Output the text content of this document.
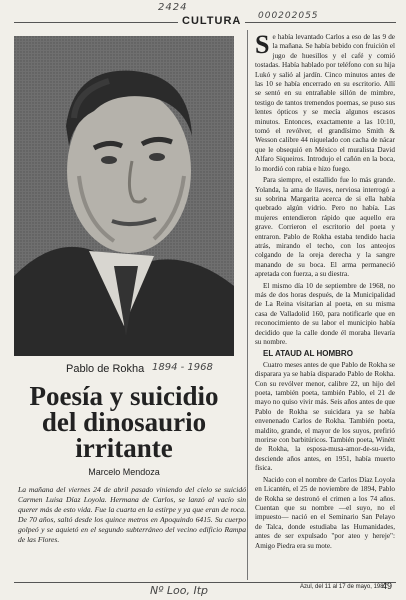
2424
000202055
CULTURA
Pablo de Rokha 1894 - 1968
Poesía y suicidio
del dinosaurio
irritante
Marcelo Mendoza
La mañana del viernes 24 de abril pasado viniendo del cielo se suicidó Carmen Luisa Díaz Loyola. Hermana de Carlos, se lanzó al vacío sin querer más de esto vida. Fue la cuarta en la estirpe y ya que eran de roca. De 70 años, saltó desde los quince metros en Apoquindo 6415. Su cuerpo golpeó y se aquietó en el segundo subterráneo del vecino edificio Rampa de las Flores.

Se había levantado Carlos a eso de las 9 de la mañana. Se había bebido con fruición el jugo de huesillos y el café y comió tostadas. Había hablado por teléfono con su hija Lukó y salió al jardín. Cinco minutos antes de las 10 se había encerrado en su escritorio. Allí se sentó en su entrañable sillón de mimbre, testigo de tantos tremendos poemas, se puso sus lentes ópticos y se mecía algunos escasos minutos. Entonces, exactamente a las 10:10, tomó el revólver, el grandísimo Smith & Wesson calibre 44 niquelado con cacha de nácar que le obsequió en México el muralista David Alfaro Siqueiros. Introdujo el cañón en la boca, lo mordió con rabia e hizo fuego.

Para siempre, el estallido fue lo más grande. Yolanda, la ama de llaves, nerviosa interrogó a su sobrina Margarita acerca de si ella había quebrado algún vidrio. Pero no había. Las mujeres entendieron rápido que aquello era grave. Corrieron el escritorio del poeta y entraron. Pablo de Rokha estaba tendido hacia atrás, mirando el techo, con los anteojos colgando de la oreja derecha y la sangre manando de su boca. El arma permaneció apretada con fuerza, a su diestra.

El mismo día 10 de septiembre de 1968, no más de dos horas después, de la Municipalidad de La Reina visitarían al poeta, en su misma casa de Valladolid 160, para notificarle que en reconocimiento de su labor el municipio había decidido que la calle donde él moraba llevaría su nombre.

EL ATAUD AL HOMBRO

Cuatro meses antes de que Pablo de Rokha se disparara ya se había disparado Pablo de Rokha. Con su revólver menor, calibre 22, un hijo del poeta, también poeta, también Pablo, el 21 de mayo no quiso vivir más. Seis años antes de que Pablo de Rokha se suicidara ya se había envenenado Carlos de Rokha. También poeta, maldito, grande, el mayor de los suyos, prefirió morirse con barbitúricos. También poeta, Winétt de Rokha, la esposa-musa-amor-de-su-vida, desciende años antes, en 1951, había muerto física.

Nacido con el nombre de Carlos Díaz Loyola en Licantén, el 25 de noviembre de 1894, Pablo de Rokha se destronó el crimen a los 74 años. Cuentan que su nombre —el suyo, no el impuesto— nació en el Seminario San Pelayo de Talca, donde estudiaba las Humanidades, antes de ser expulsado "por ateo y hereje": Amigo Piedra era su mote.

Nº Loo, Itp	Azul, del 11 al 17 de mayo, 1987
49
